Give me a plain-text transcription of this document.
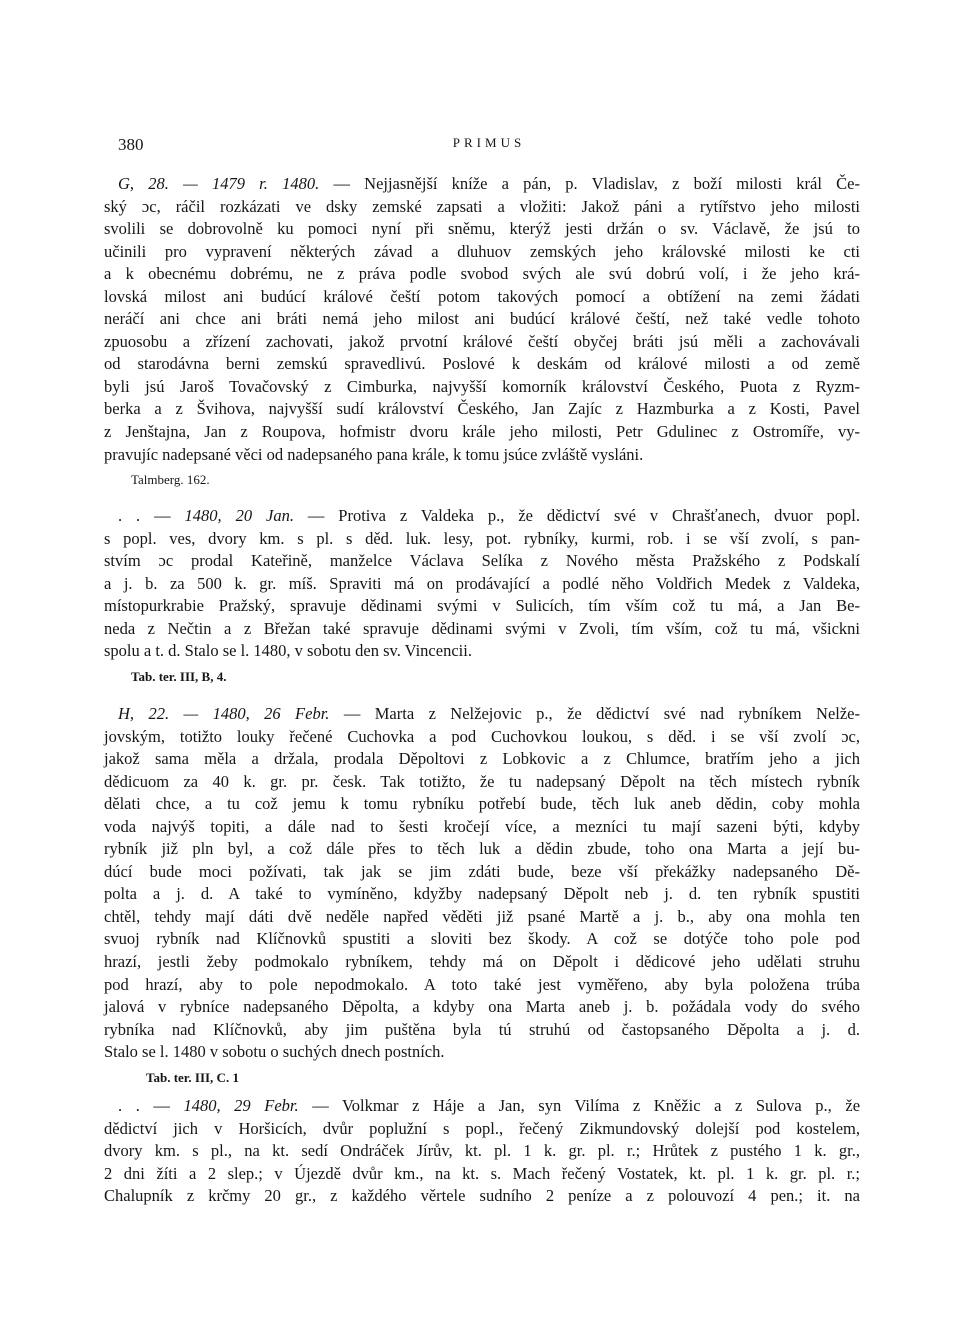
380	PRIMUS
G, 28. — 1479 r. 1480. — Nejjasnější kníže a pán, p. Vladislav, z boží milosti král Če-
ský ɔc, ráčil rozkázati ve dsky zemské zapsati a vložiti: Jakož páni a rytířstvo jeho milosti
svolili se dobrovolně ku pomoci nyní při sněmu, kterýž jesti držán o sv. Václavě, že jsú to
učinili pro vypravení některých závad a dluhuov zemských jeho královské milosti ke cti
a k obecnému dobrému, ne z práva podle svobod svých ale svú dobrú volí, i že jeho krá-
lovská milost ani budúcí králové čeští potom takových pomocí a obtížení na zemi žádati
neráčí ani chce ani bráti nemá jeho milost ani budúcí králové čeští, než také vedle tohoto
zpuosobu a zřízení zachovati, jakož prvotní králové čeští obyčej bráti jsú měli a zachovávali
od starodávna berni zemskú spravedlivú. Poslové k deskám od králové milosti a od země
byli jsú Jaroš Tovačovský z Cimburka, najvyšší komorník království Českého, Puota z Ryzm-
berka a z Švihova, najvyšší sudí království Českého, Jan Zajíc z Hazmburka a z Kosti, Pavel
z Jenštajna, Jan z Roupova, hofmistr dvoru krále jeho milosti, Petr Gdulinec z Ostromíře, vy-
pravujíc nadepsané věci od nadepsaného pana krále, k tomu jsúce zvláště vysláni.
Talmberg. 162.
. . — 1480, 20 Jan. — Protiva z Valdeka p., že dědictví své v Chrašťanech, dvuor popl.
s popl. ves, dvory km. s pl. s děd. luk. lesy, pot. rybníky, kurmi, rob. i se vší zvolí, s pan-
stvím ɔc prodal Kateřině, manželce Václava Selíka z Nového města Pražského z Podskalí
a j. b. za 500 k. gr. míš. Spraviti má on prodávající a podlé něho Voldřich Medek z Valdeka,
místopurkrabie Pražský, spravuje dědinami svými v Sulicích, tím vším což tu má, a Jan Be-
neda z Nečtin a z Břežan také spravuje dědinami svými v Zvoli, tím vším, což tu má, všickni
spolu a t. d. Stalo se l. 1480, v sobotu den sv. Vincencii.
Tab. ter. III, B, 4.
H, 22. — 1480, 26 Febr. — Marta z Nelžejovic p., že dědictví své nad rybníkem Nelže-
jovským, totižto louky řečené Cuchovka a pod Cuchovkou loukou, s děd. i se vší zvolí ɔc,
jakož sama měla a držala, prodala Děpoltovi z Lobkovic a z Chlumce, bratřím jeho a jich
dědicuom za 40 k. gr. pr. česk. Tak totižto, že tu nadepsaný Děpolt na těch místech rybník
dělati chce, a tu což jemu k tomu rybníku potřebí bude, těch luk aneb dědin, coby mohla
voda najvýš topiti, a dále nad to šesti kročejí více, a mezníci tu mají sazeni býti, kdyby
rybník již pln byl, a což dále přes to těch luk a dědin zbude, toho ona Marta a její bu-
dúcí bude moci požívati, tak jak se jim zdáti bude, beze vší překážky nadepsaného Dě-
polta a j. d. A také to vymíněno, kdyžby nadepsaný Děpolt neb j. d. ten rybník spustiti
chtěl, tehdy mají dáti dvě neděle napřed věděti již psané Martě a j. b., aby ona mohla ten
svuoj rybník nad Klíčnovků spustiti a sloviti bez škody. A což se dotýče toho pole pod
hrazí, jestli žeby podmokalo rybníkem, tehdy má on Děpolt i dědicové jeho udělati struhu
pod hrazí, aby to pole nepodmokalo. A toto také jest vyměřeno, aby byla položena trúba
jalová v rybníce nadepsaného Děpolta, a kdyby ona Marta aneb j. b. požádala vody do svého
rybníka nad Klíčnovků, aby jim puštěna byla tú struhú od častopsaného Děpolta a j. d.
Stalo se l. 1480 v sobotu o suchých dnech postních.
Tab. ter. III, C. 1
. . — 1480, 29 Febr. — Volkmar z Háje a Jan, syn Vilíma z Kněžic a z Sulova p., že
dědictví jich v Horšicích, dvůr poplužní s popl., řečený Zikmundovský dolejší pod kostelem,
dvory km. s pl., na kt. sedí Ondráček Jírův, kt. pl. 1 k. gr. pl. r.; Hrůtek z pustého 1 k. gr.,
2 dni žíti a 2 slep.; v Újezdě dvůr km., na kt. s. Mach řečený Vostatek, kt. pl. 1 k. gr. pl. r.;
Chalupník z krčmy 20 gr., z každého věrtele sudního 2 peníze a z polouvozí 4 pen.; it. na
